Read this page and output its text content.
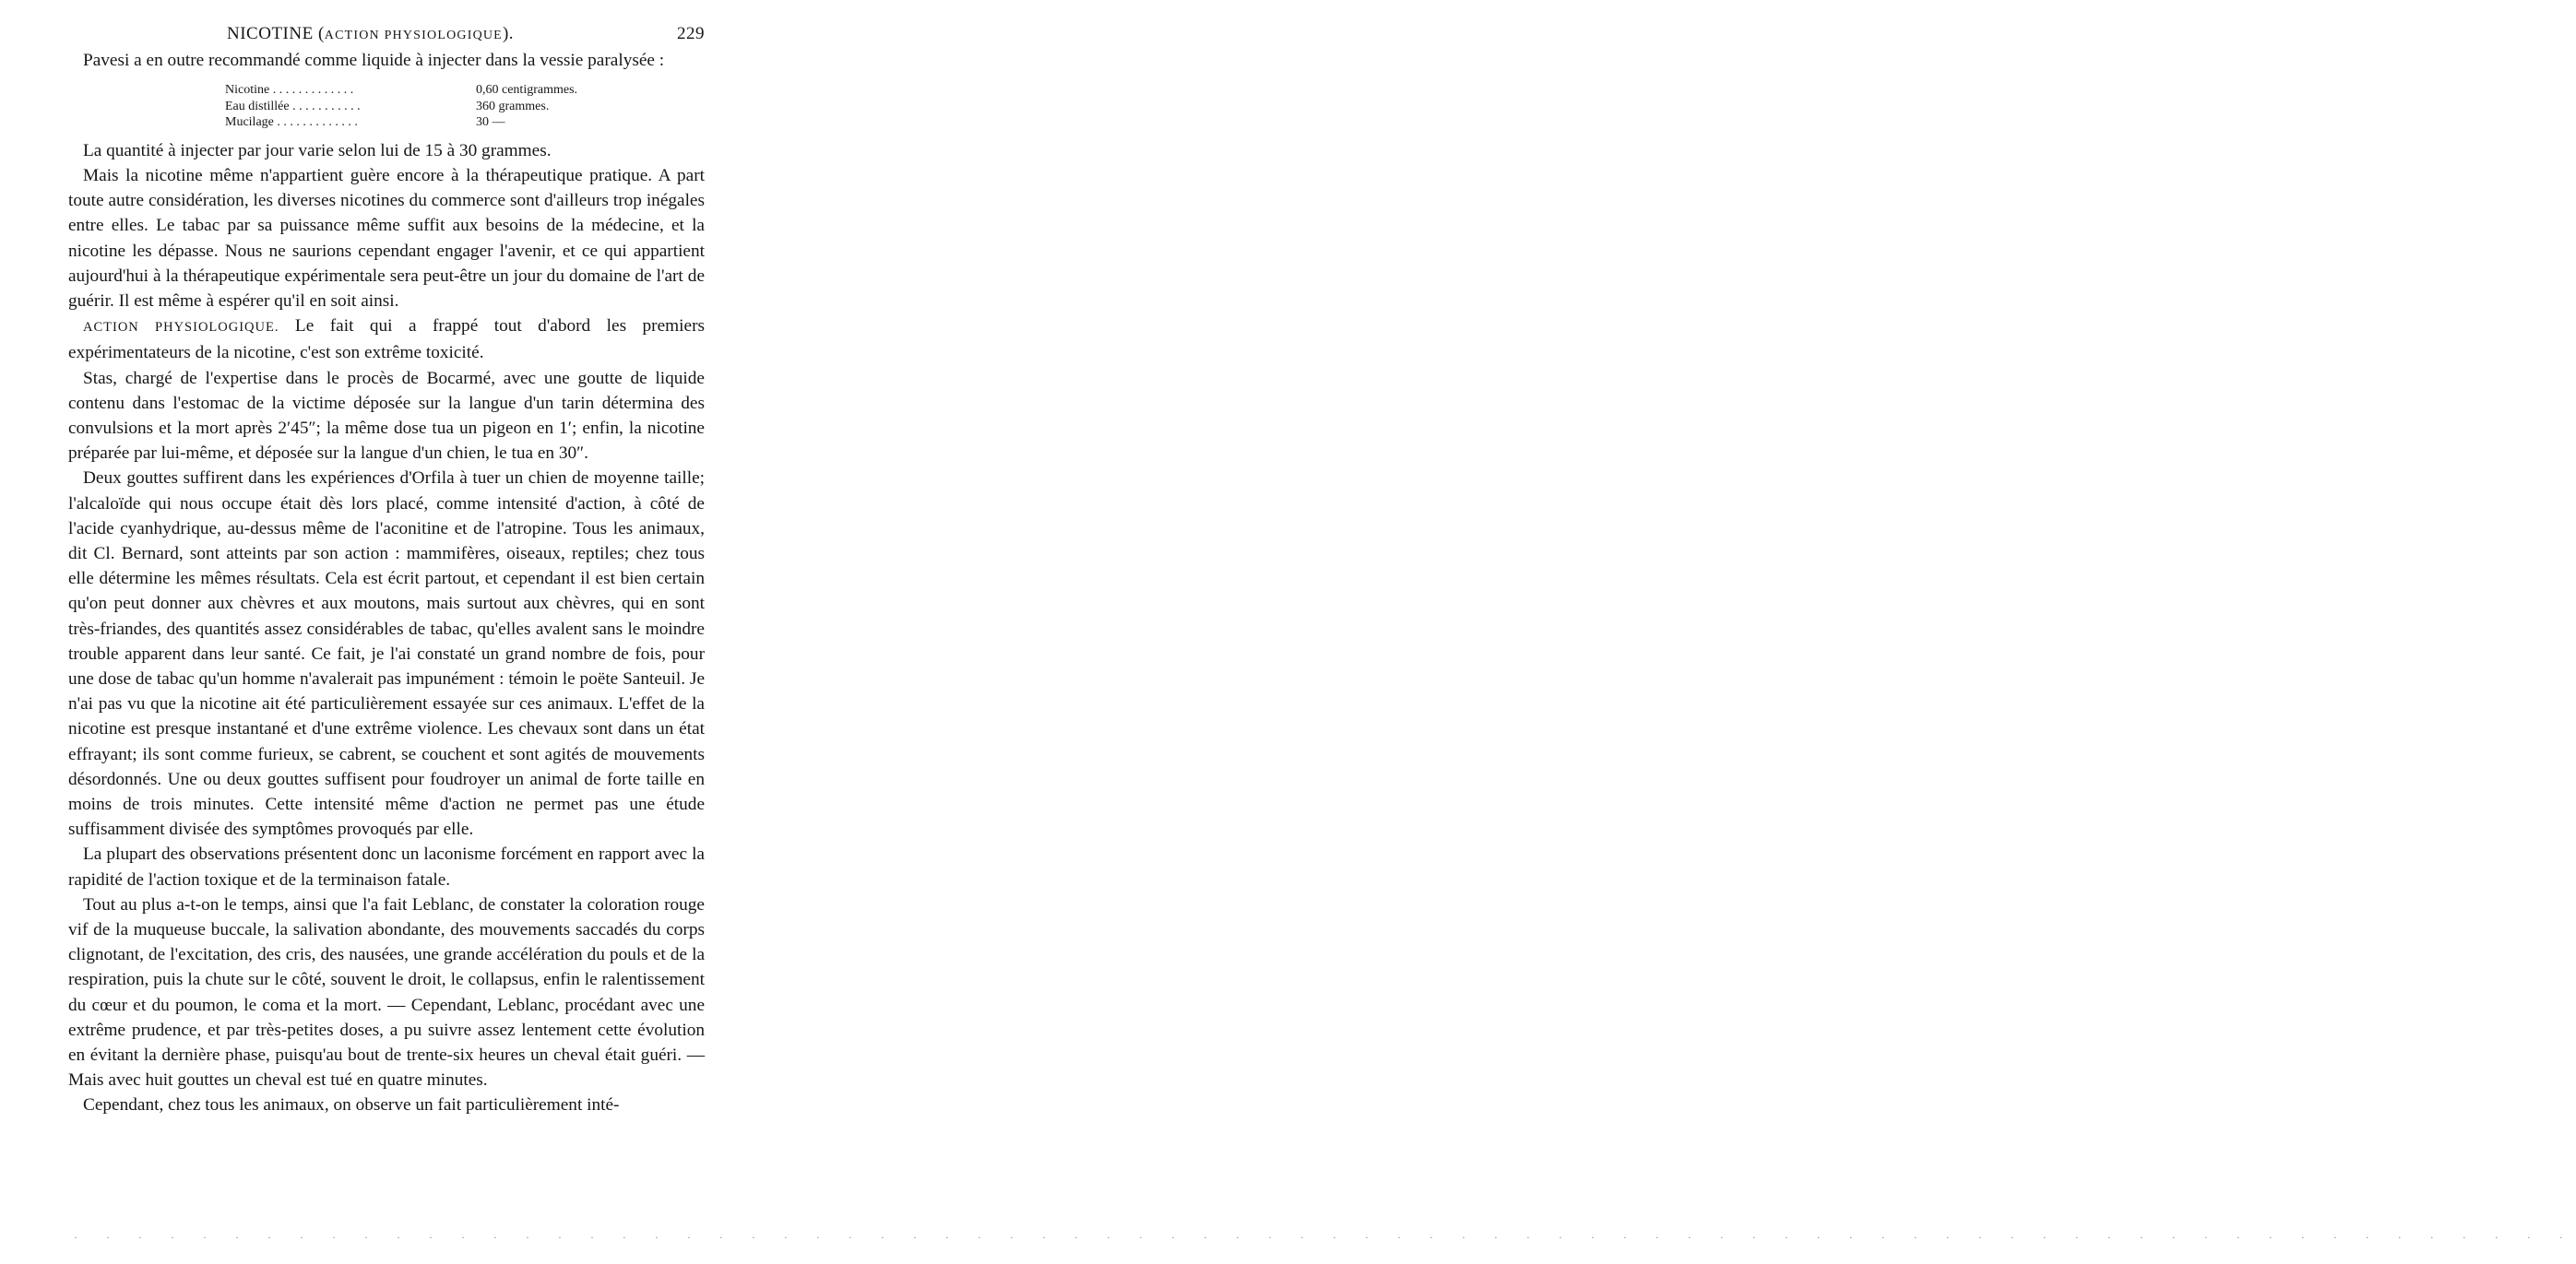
NICOTINE (ACTION PHYSIOLOGIQUE).	229

Pavesi a en outre recommandé comme liquide à injecter dans la vessie paralysée :

Nicotine . . . . . . . . . . . . .	0,60 centigrammes.
Eau distillée . . . . . . . . . . .	360 grammes.
Mucilage . . . . . . . . . . . . .	30 —

La quantité à injecter par jour varie selon lui de 15 à 30 grammes.

Mais la nicotine même n'appartient guère encore à la thérapeutique pratique. A part toute autre considération, les diverses nicotines du commerce sont d'ailleurs trop inégales entre elles. Le tabac par sa puissance même suffit aux besoins de la médecine, et la nicotine les dépasse. Nous ne saurions cependant engager l'avenir, et ce qui appartient aujourd'hui à la thérapeutique expérimentale sera peut-être un jour du domaine de l'art de guérir. Il est même à espérer qu'il en soit ainsi.

ACTION PHYSIOLOGIQUE. Le fait qui a frappé tout d'abord les premiers expérimentateurs de la nicotine, c'est son extrême toxicité.

Stas, chargé de l'expertise dans le procès de Bocarmé, avec une goutte de liquide contenu dans l'estomac de la victime déposée sur la langue d'un tarin détermina des convulsions et la mort après 2′45″; la même dose tua un pigeon en 1′; enfin, la nicotine préparée par lui-même, et déposée sur la langue d'un chien, le tua en 30″.

Deux gouttes suffirent dans les expériences d'Orfila à tuer un chien de moyenne taille; l'alcaloïde qui nous occupe était dès lors placé, comme intensité d'action, à côté de l'acide cyanhydrique, au-dessus même de l'aconitine et de l'atropine. Tous les animaux, dit Cl. Bernard, sont atteints par son action : mammifères, oiseaux, reptiles; chez tous elle détermine les mêmes résultats. Cela est écrit partout, et cependant il est bien certain qu'on peut donner aux chèvres et aux moutons, mais surtout aux chèvres, qui en sont très-friandes, des quantités assez considérables de tabac, qu'elles avalent sans le moindre trouble apparent dans leur santé. Ce fait, je l'ai constaté un grand nombre de fois, pour une dose de tabac qu'un homme n'avalerait pas impunément : témoin le poëte Santeuil. Je n'ai pas vu que la nicotine ait été particulièrement essayée sur ces animaux. L'effet de la nicotine est presque instantané et d'une extrême violence. Les chevaux sont dans un état effrayant; ils sont comme furieux, se cabrent, se couchent et sont agités de mouvements désordonnés. Une ou deux gouttes suffisent pour foudroyer un animal de forte taille en moins de trois minutes. Cette intensité même d'action ne permet pas une étude suffisamment divisée des symptômes provoqués par elle.

La plupart des observations présentent donc un laconisme forcément en rapport avec la rapidité de l'action toxique et de la terminaison fatale.

Tout au plus a-t-on le temps, ainsi que l'a fait Leblanc, de constater la coloration rouge vif de la muqueuse buccale, la salivation abondante, des mouvements saccadés du corps clignotant, de l'excitation, des cris, des nausées, une grande accélération du pouls et de la respiration, puis la chute sur le côté, souvent le droit, le collapsus, enfin le ralentissement du cœur et du poumon, le coma et la mort. — Cependant, Leblanc, procédant avec une extrême prudence, et par très-petites doses, a pu suivre assez lentement cette évolution en évitant la dernière phase, puisqu'au bout de trente-six heures un cheval était guéri. — Mais avec huit gouttes un cheval est tué en quatre minutes.

Cependant, chez tous les animaux, on observe un fait particulièrement inté-

· · · · · · · · · · · · · · · · · · · · · · · · · · · · · · · · · · · · · · · · · · · · · · · · · · · · · · · · · · · · · · · · · · · · · · · · · · · · · ·
